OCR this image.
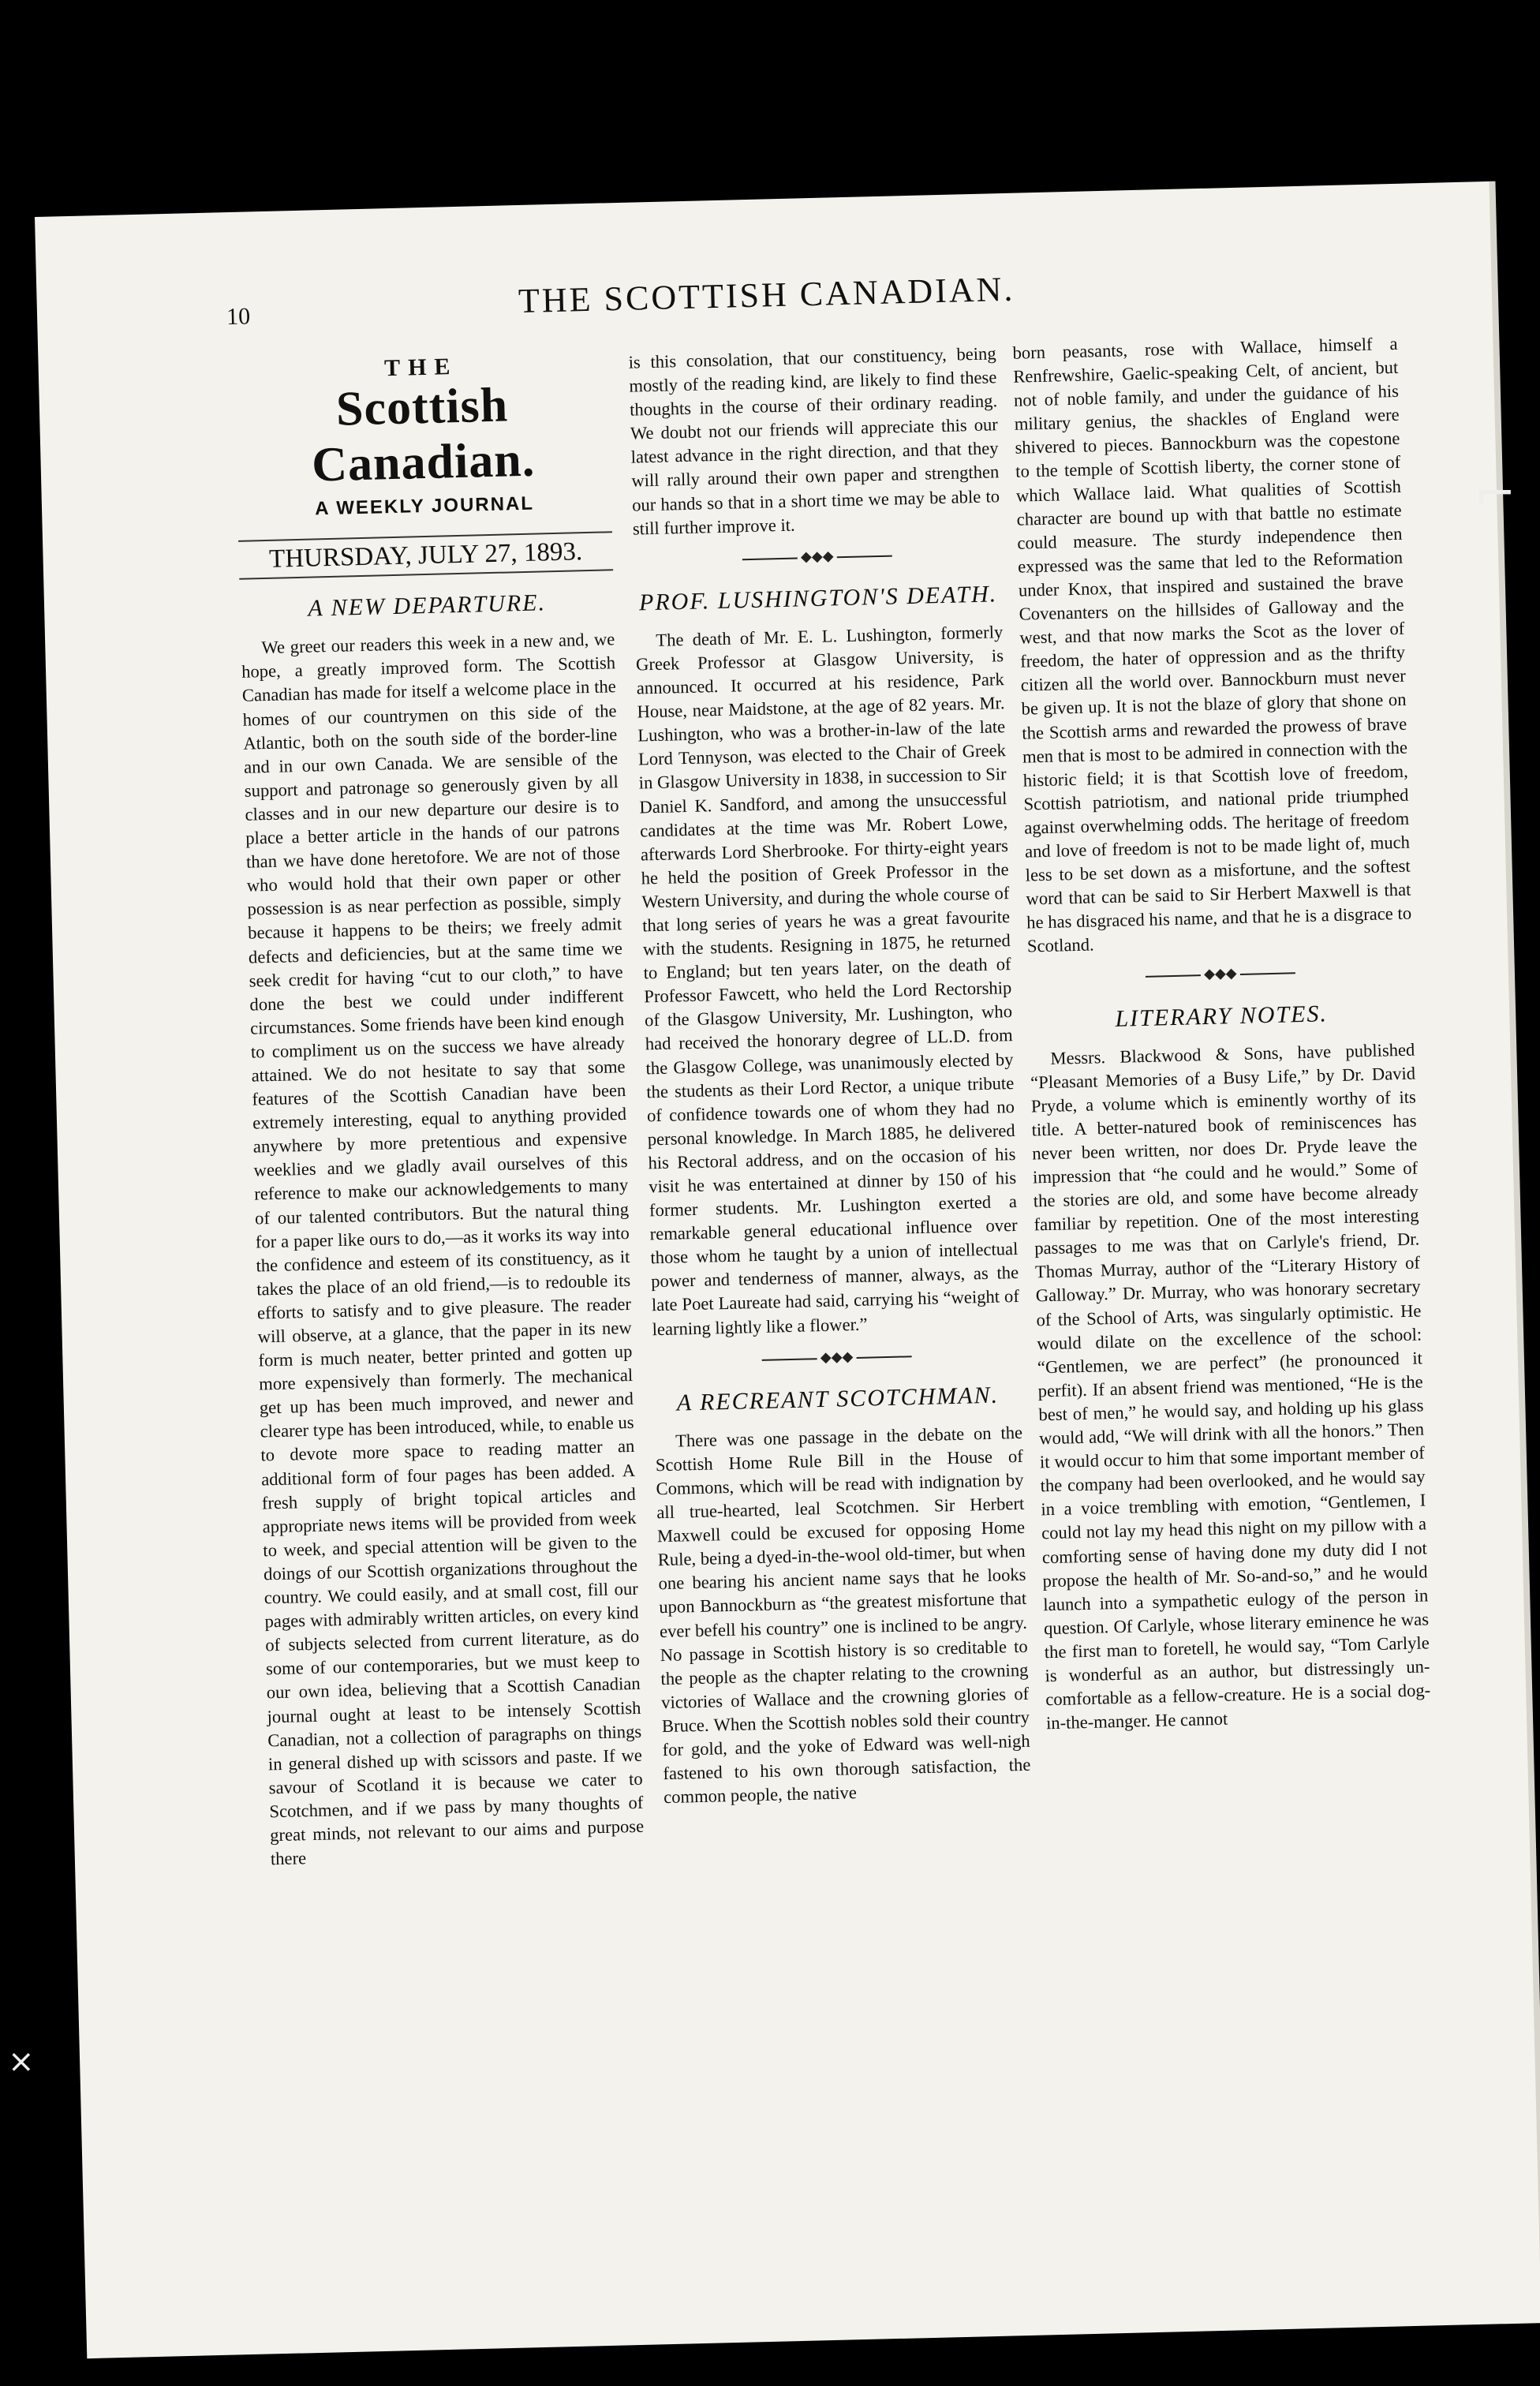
10	THE SCOTTISH CANADIAN.
THE
Scottish Canadian.
A WEEKLY JOURNAL
THURSDAY, JULY 27, 1893.
A NEW DEPARTURE.

We greet our readers this week in a new and, we hope, a greatly improved form. The Scottish Canadian has made for itself a welcome place in the homes of our countrymen on this side of the Atlantic, both on the south side of the border-line and in our own Canada. We are sensible of the support and patronage so generously given by all classes and in our new departure our desire is to place a better article in the hands of our patrons than we have done heretofore. We are not of those who would hold that their own paper or other possession is as near perfection as possible, simply because it happens to be theirs; we freely admit defects and deficiencies, but at the same time we seek credit for having “cut to our cloth,” to have done the best we could under indifferent circumstances. Some friends have been kind enough to compliment us on the success we have already attained. We do not hesitate to say that some features of the Scottish Canadian have been extremely interesting, equal to anything provided anywhere by more pretentious and expensive weeklies and we gladly avail ourselves of this reference to make our acknowledgements to many of our talented contributors. But the natural thing for a paper like ours to do,—as it works its way into the confidence and esteem of its constituency, as it takes the place of an old friend,—is to redouble its efforts to satisfy and to give pleasure. The reader will observe, at a glance, that the paper in its new form is much neater, better printed and gotten up more expensively than formerly. The mechanical get up has been much improved, and newer and clearer type has been introduced, while, to enable us to devote more space to reading matter an additional form of four pages has been added. A fresh supply of bright topical articles and appropriate news items will be provided from week to week, and special attention will be given to the doings of our Scottish organizations throughout the country. We could easily, and at small cost, fill our pages with admirably written articles, on every kind of subjects selected from current literature, as do some of our contemporaries, but we must keep to our own idea, believing that a Scottish Canadian journal ought at least to be intensely Scottish Canadian, not a collection of paragraphs on things in general dished up with scissors and paste. If we savour of Scotland it is because we cater to Scotchmen, and if we pass by many thoughts of great minds, not relevant to our aims and purpose there

is this consolation, that our constituency, being mostly of the reading kind, are likely to find these thoughts in the course of their ordinary reading. We doubt not our friends will appreciate this our latest advance in the right direction, and that they will rally around their own paper and strengthen our hands so that in a short time we may be able to still further improve it.

◆◆◆
PROF. LUSHINGTON'S DEATH.

The death of Mr. E. L. Lushington, formerly Greek Professor at Glasgow University, is announced. It occurred at his residence, Park House, near Maidstone, at the age of 82 years. Mr. Lushington, who was a brother-in-law of the late Lord Tennyson, was elected to the Chair of Greek in Glasgow University in 1838, in succession to Sir Daniel K. Sandford, and among the unsuccessful candidates at the time was Mr. Robert Lowe, afterwards Lord Sherbrooke. For thirty-eight years he held the position of Greek Professor in the Western University, and during the whole course of that long series of years he was a great favourite with the students. Resigning in 1875, he returned to England; but ten years later, on the death of Professor Fawcett, who held the Lord Rectorship of the Glasgow University, Mr. Lushington, who had received the honorary degree of LL.D. from the Glasgow College, was unanimously elected by the students as their Lord Rector, a unique tribute of confidence towards one of whom they had no personal knowledge. In March 1885, he delivered his Rectoral address, and on the occasion of his visit he was entertained at dinner by 150 of his former students. Mr. Lushington exerted a remarkable general educational influence over those whom he taught by a union of intellectual power and tenderness of manner, always, as the late Poet Laureate had said, carrying his “weight of learning lightly like a flower.”

◆◆◆
A RECREANT SCOTCHMAN.

There was one passage in the debate on the Scottish Home Rule Bill in the House of Commons, which will be read with indignation by all true-hearted, leal Scotchmen. Sir Herbert Maxwell could be excused for opposing Home Rule, being a dyed-in-the-wool old-timer, but when one bearing his ancient name says that he looks upon Bannockburn as “the greatest misfortune that ever befell his country” one is inclined to be angry. No passage in Scottish history is so creditable to the people as the chapter relating to the crowning victories of Wallace and the crowning glories of Bruce. When the Scottish nobles sold their country for gold, and the yoke of Edward was well-nigh fastened to his own thorough satisfaction, the common people, the native

born peasants, rose with Wallace, himself a Renfrewshire, Gaelic-speaking Celt, of ancient, but not of noble family, and under the guidance of his military genius, the shackles of England were shivered to pieces. Bannockburn was the copestone to the temple of Scottish liberty, the corner stone of which Wallace laid. What qualities of Scottish character are bound up with that battle no estimate could measure. The sturdy independence then expressed was the same that led to the Reformation under Knox, that inspired and sustained the brave Covenanters on the hillsides of Galloway and the west, and that now marks the Scot as the lover of freedom, the hater of oppression and as the thrifty citizen all the world over. Bannockburn must never be given up. It is not the blaze of glory that shone on the Scottish arms and rewarded the prowess of brave men that is most to be admired in connection with the historic field; it is that Scottish love of freedom, Scottish patriotism, and national pride triumphed against overwhelming odds. The heritage of freedom and love of freedom is not to be made light of, much less to be set down as a misfortune, and the softest word that can be said to Sir Herbert Maxwell is that he has disgraced his name, and that he is a disgrace to Scotland.

◆◆◆
LITERARY NOTES.

Messrs. Blackwood & Sons, have published “Pleasant Memories of a Busy Life,” by Dr. David Pryde, a volume which is eminently worthy of its title. A better-natured book of reminiscences has never been written, nor does Dr. Pryde leave the impression that “he could and he would.” Some of the stories are old, and some have become already familiar by repetition. One of the most interesting passages to me was that on Carlyle's friend, Dr. Thomas Murray, author of the “Literary History of Galloway.” Dr. Murray, who was honorary secretary of the School of Arts, was singularly optimistic. He would dilate on the excellence of the school: “Gentlemen, we are perfect” (he pronounced it perfit). If an absent friend was mentioned, “He is the best of men,” he would say, and holding up his glass would add, “We will drink with all the honors.” Then it would occur to him that some important member of the company had been overlooked, and he would say in a voice trembling with emotion, “Gentlemen, I could not lay my head this night on my pillow with a comforting sense of having done my duty did I not propose the health of Mr. So-and-so,” and he would launch into a sympathetic eulogy of the person in question. Of Carlyle, whose literary eminence he was the first man to foretell, he would say, “Tom Carlyle is wonderful as an author, but distressingly un-comfortable as a fellow-creature. He is a social dog-in-the-manger. He cannot

⌐
×
